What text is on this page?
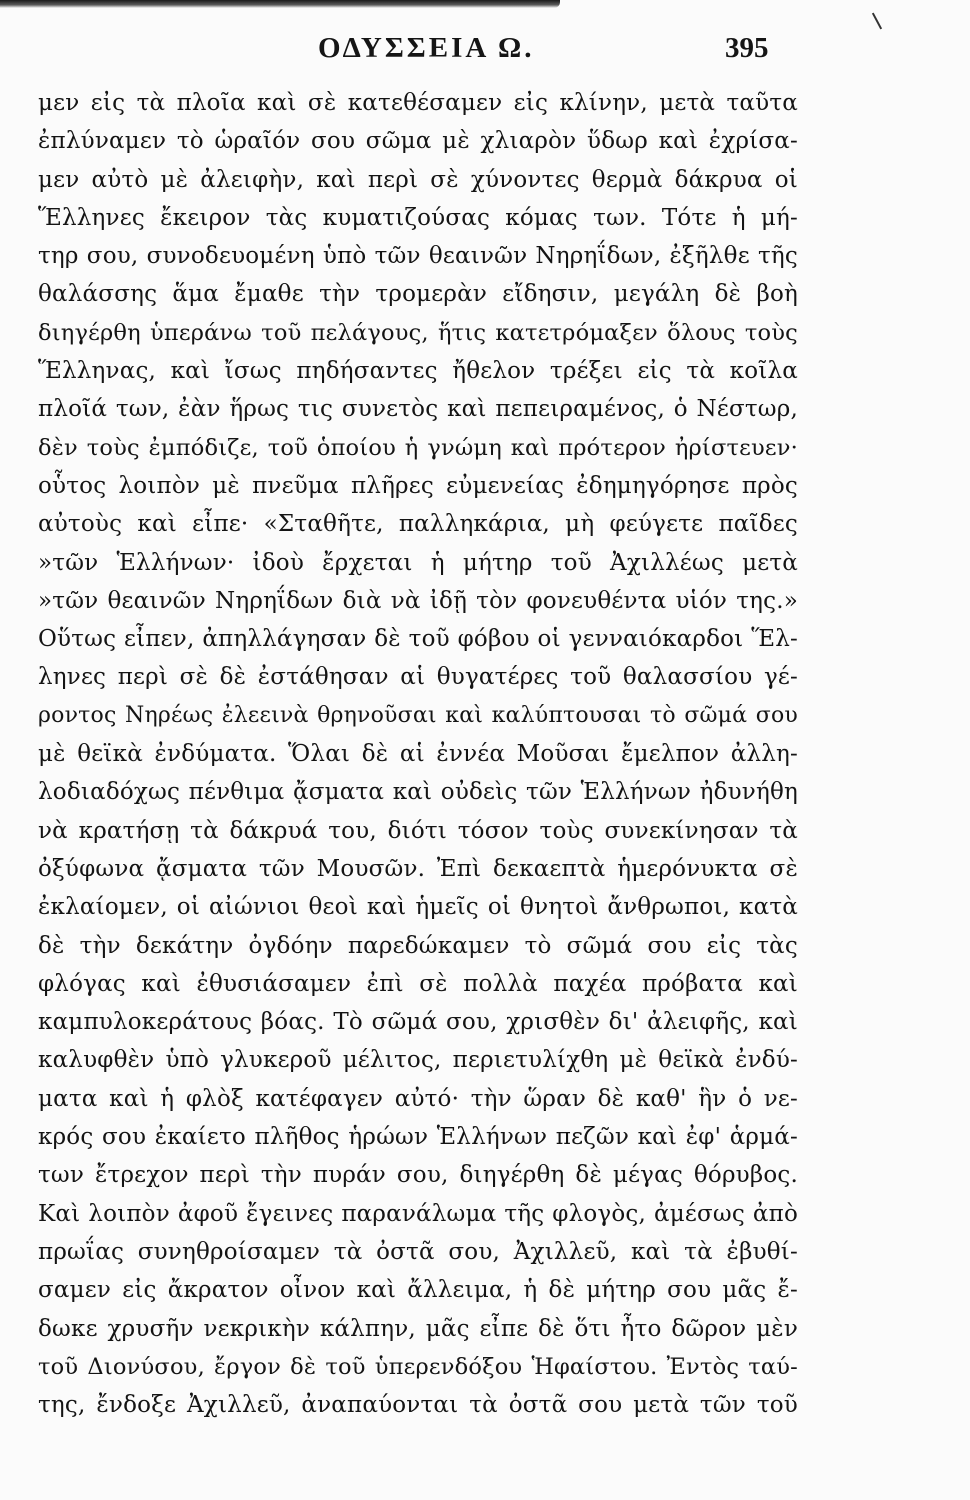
ΟΔΥΣΣΕΙΑ Ω.	395
μεν εἰς τὰ πλοῖα καὶ σὲ κατεθέσαμεν εἰς κλίνην, μετὰ ταῦτα
ἐπλύναμεν τὸ ὡραῖόν σου σῶμα μὲ χλιαρὸν ὕδωρ καὶ ἐχρίσα-
μεν αὐτὸ μὲ ἀλειφὴν, καὶ περὶ σὲ χύνοντες θερμὰ δάκρυα οἱ
Ἕλληνες ἔκειρον τὰς κυματιζούσας κόμας των. Τότε ἡ μή-
τηρ σου, συνοδευομένη ὑπὸ τῶν θεαινῶν Νηρηΐδων, ἐξῆλθε τῆς
θαλάσσης ἅμα ἔμαθε τὴν τρομερὰν εἴδησιν, μεγάλη δὲ βοὴ
διηγέρθη ὑπεράνω τοῦ πελάγους, ἥτις κατετρόμαξεν ὅλους τοὺς
Ἕλληνας, καὶ ἴσως πηδήσαντες ἤθελον τρέξει εἰς τὰ κοῖλα
πλοῖά των, ἐὰν ἥρως τις συνετὸς καὶ πεπειραμένος, ὁ Νέστωρ,
δὲν τοὺς ἐμπόδιζε, τοῦ ὁποίου ἡ γνώμη καὶ πρότερον ἠρίστευεν·
οὗτος λοιπὸν μὲ πνεῦμα πλῆρες εὐμενείας ἐδημηγόρησε πρὸς
αὐτοὺς καὶ εἶπε· «Σταθῆτε, παλληκάρια, μὴ φεύγετε παῖδες
»τῶν Ἑλλήνων· ἰδοὺ ἔρχεται ἡ μήτηρ τοῦ Ἀχιλλέως μετὰ
»τῶν θεαινῶν Νηρηΐδων διὰ νὰ ἰδῇ τὸν φονευθέντα υἱόν της.»
Οὕτως εἶπεν, ἀπηλλάγησαν δὲ τοῦ φόβου οἱ γενναιόκαρδοι Ἕλ-
ληνες περὶ σὲ δὲ ἐστάθησαν αἱ θυγατέρες τοῦ θαλασσίου γέ-
ροντος Νηρέως ἐλεεινὰ θρηνοῦσαι καὶ καλύπτουσαι τὸ σῶμά σου
μὲ θεϊκὰ ἐνδύματα. Ὅλαι δὲ αἱ ἐννέα Μοῦσαι ἔμελπον ἀλλη-
λοδιαδόχως πένθιμα ᾄσματα καὶ οὐδεὶς τῶν Ἑλλήνων ἠδυνήθη
νὰ κρατήσῃ τὰ δάκρυά του, διότι τόσον τοὺς συνεκίνησαν τὰ
ὀξύφωνα ᾄσματα τῶν Μουσῶν. Ἐπὶ δεκαεπτὰ ἡμερόνυκτα σὲ
ἐκλαίομεν, οἱ αἰώνιοι θεοὶ καὶ ἡμεῖς οἱ θνητοὶ ἄνθρωποι, κατὰ
δὲ τὴν δεκάτην ὀγδόην παρεδώκαμεν τὸ σῶμά σου εἰς τὰς
φλόγας καὶ ἐθυσιάσαμεν ἐπὶ σὲ πολλὰ παχέα πρόβατα καὶ
καμπυλοκεράτους βόας. Τὸ σῶμά σου, χρισθὲν δι' ἀλειφῆς, καὶ
καλυφθὲν ὑπὸ γλυκεροῦ μέλιτος, περιετυλίχθη μὲ θεϊκὰ ἐνδύ-
ματα καὶ ἡ φλὸξ κατέφαγεν αὐτό· τὴν ὥραν δὲ καθ' ἣν ὁ νε-
κρός σου ἐκαίετο πλῆθος ἡρώων Ἑλλήνων πεζῶν καὶ ἐφ' ἁρμά-
των ἔτρεχον περὶ τὴν πυράν σου, διηγέρθη δὲ μέγας θόρυβος.
Καὶ λοιπὸν ἀφοῦ ἔγεινες παρανάλωμα τῆς φλογὸς, ἀμέσως ἀπὸ
πρωΐας συνηθροίσαμεν τὰ ὀστᾶ σου, Ἀχιλλεῦ, καὶ τὰ ἐβυθί-
σαμεν εἰς ἄκρατον οἶνον καὶ ἄλλειμα, ἡ δὲ μήτηρ σου μᾶς ἔ-
δωκε χρυσῆν νεκρικὴν κάλπην, μᾶς εἶπε δὲ ὅτι ἦτο δῶρον μὲν
τοῦ Διονύσου, ἔργον δὲ τοῦ ὑπερενδόξου Ἡφαίστου. Ἐντὸς ταύ-
της, ἔνδοξε Ἀχιλλεῦ, ἀναπαύονται τὰ ὀστᾶ σου μετὰ τῶν τοῦ
